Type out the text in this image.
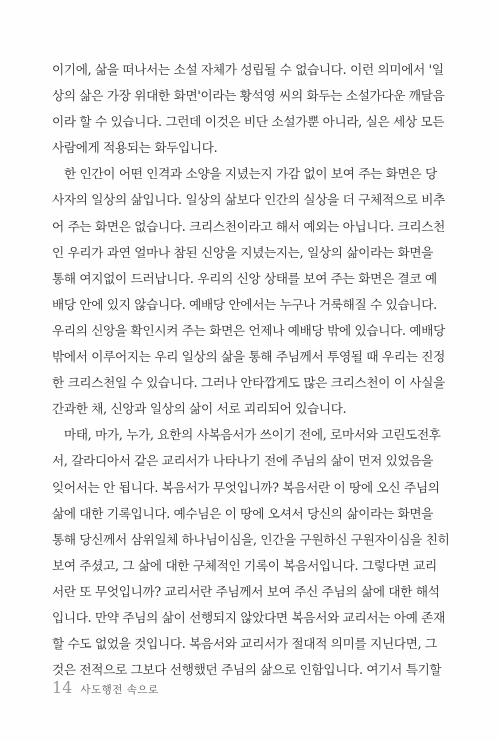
이기에, 삶을 떠나서는 소설 자체가 성립될 수 없습니다. 이런 의미에서 '일
상의 삶은 가장 위대한 화면'이라는 황석영 씨의 화두는 소설가다운 깨달음
이라 할 수 있습니다. 그런데 이것은 비단 소설가뿐 아니라, 실은 세상 모든
사람에게 적용되는 화두입니다.
한 인간이 어떤 인격과 소양을 지녔는지 가감 없이 보여 주는 화면은 당
사자의 일상의 삶입니다. 일상의 삶보다 인간의 실상을 더 구체적으로 비추
어 주는 화면은 없습니다. 크리스천이라고 해서 예외는 아닙니다. 크리스천
인 우리가 과연 얼마나 참된 신앙을 지녔는지는, 일상의 삶이라는 화면을
통해 여지없이 드러납니다. 우리의 신앙 상태를 보여 주는 화면은 결코 예
배당 안에 있지 않습니다. 예배당 안에서는 누구나 거룩해질 수 있습니다.
우리의 신앙을 확인시켜 주는 화면은 언제나 예배당 밖에 있습니다. 예배당
밖에서 이루어지는 우리 일상의 삶을 통해 주님께서 투영될 때 우리는 진정
한 크리스천일 수 있습니다. 그러나 안타깝게도 많은 크리스천이 이 사실을
간과한 채, 신앙과 일상의 삶이 서로 괴리되어 있습니다.
마태, 마가, 누가, 요한의 사복음서가 쓰이기 전에, 로마서와 고린도전후
서, 갈라디아서 같은 교리서가 나타나기 전에 주님의 삶이 먼저 있었음을
잊어서는 안 됩니다. 복음서가 무엇입니까? 복음서란 이 땅에 오신 주님의
삶에 대한 기록입니다. 예수님은 이 땅에 오셔서 당신의 삶이라는 화면을
통해 당신께서 삼위일체 하나님이심을, 인간을 구원하신 구원자이심을 친히
보여 주셨고, 그 삶에 대한 구체적인 기록이 복음서입니다. 그렇다면 교리
서란 또 무엇입니까? 교리서란 주님께서 보여 주신 주님의 삶에 대한 해석
입니다. 만약 주님의 삶이 선행되지 않았다면 복음서와 교리서는 아예 존재
할 수도 없었을 것입니다. 복음서와 교리서가 절대적 의미를 지닌다면, 그
것은 전적으로 그보다 선행했던 주님의 삶으로 인함입니다. 여기서 특기할
14 사도행전 속으로
